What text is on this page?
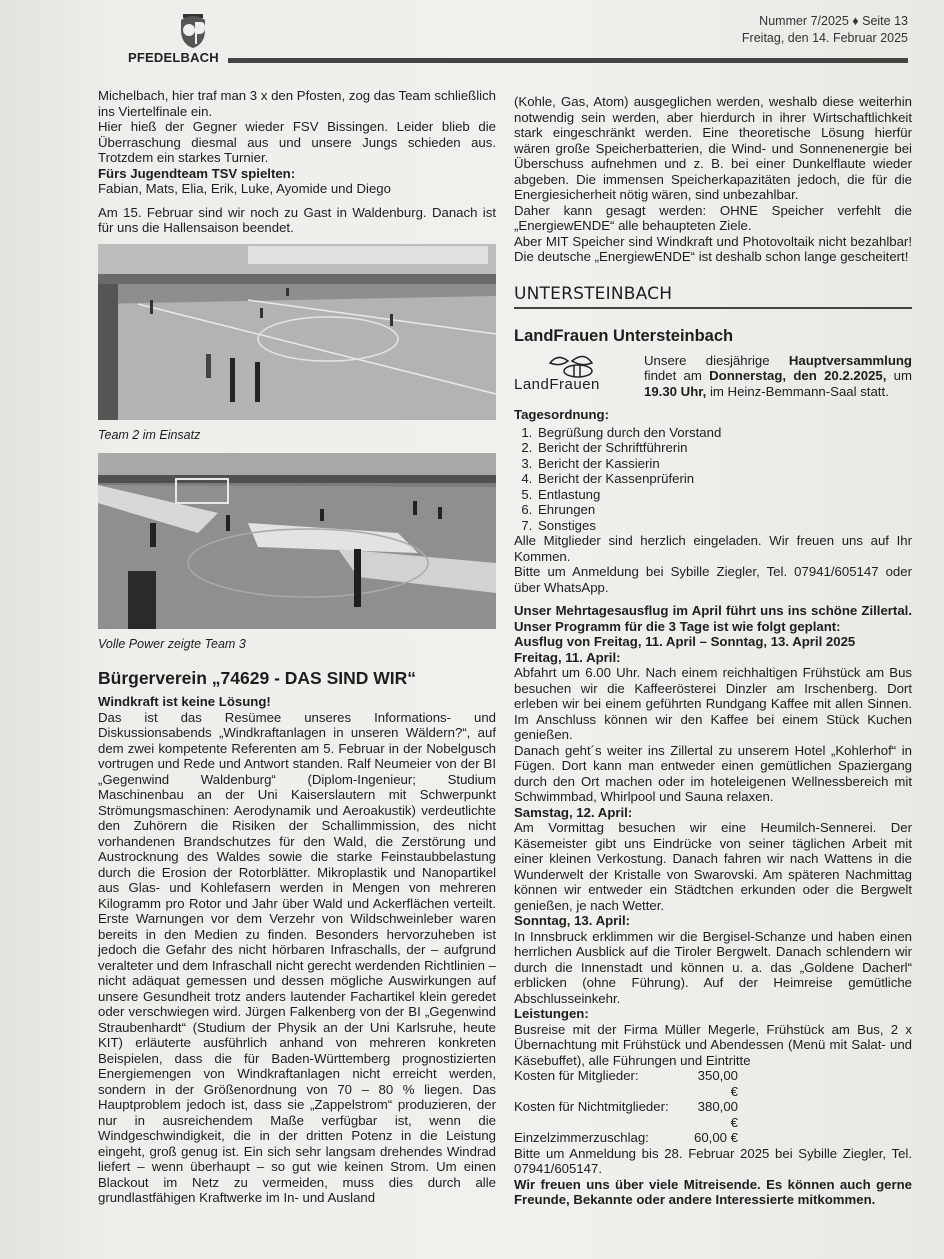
PFEDELBACH
Nummer 7/2025 ♦ Seite 13
Freitag, den 14. Februar 2025

Michelbach, hier traf man 3 x den Pfosten, zog das Team schließlich ins Viertelfinale ein.

Hier hieß der Gegner wieder FSV Bissingen. Leider blieb die Überraschung diesmal aus und unsere Jungs schieden aus. Trotzdem ein starkes Turnier.

Fürs Jugendteam TSV spielten:

Fabian, Mats, Elia, Erik, Luke, Ayomide und Diego

Am 15. Februar sind wir noch zu Gast in Waldenburg. Danach ist für uns die Hallensaison beendet.

Team 2 im Einsatz

Volle Power zeigte Team 3

Bürgerverein „74629 - DAS SIND WIR“

Windkraft ist keine Lösung!

Das ist das Resümee unseres Informations- und Diskussionsabends „Windkraftanlagen in unseren Wäldern?“, auf dem zwei kompetente Referenten am 5. Februar in der Nobelgusch vortrugen und Rede und Antwort standen. Ralf Neumeier von der BI „Gegenwind Waldenburg“ (Diplom-Ingenieur; Studium Maschinenbau an der Uni Kaiserslautern mit Schwerpunkt Strömungsmaschinen: Aerodynamik und Aeroakustik) verdeutlichte den Zuhörern die Risiken der Schallimmission, des nicht vorhandenen Brandschutzes für den Wald, die Zerstörung und Austrocknung des Waldes sowie die starke Feinstaubbelastung durch die Erosion der Rotorblätter. Mikroplastik und Nanopartikel aus Glas- und Kohlefasern werden in Mengen von mehreren Kilogramm pro Rotor und Jahr über Wald und Ackerflächen verteilt. Erste Warnungen vor dem Verzehr von Wildschweinleber waren bereits in den Medien zu finden. Besonders hervorzuheben ist jedoch die Gefahr des nicht hörbaren Infraschalls, der – aufgrund veralteter und dem Infraschall nicht gerecht werdenden Richtlinien – nicht adäquat gemessen und dessen mögliche Auswirkungen auf unsere Gesundheit trotz anders lautender Fachartikel klein geredet oder verschwiegen wird. Jürgen Falkenberg von der BI „Gegenwind Straubenhardt“ (Studium der Physik an der Uni Karlsruhe, heute KIT) erläuterte ausführlich anhand von mehreren konkreten Beispielen, dass die für Baden-Württemberg prognostizierten Energiemengen von Windkraftanlagen nicht erreicht werden, sondern in der Größenordnung von 70 – 80 % liegen. Das Hauptproblem jedoch ist, dass sie „Zappelstrom“ produzieren, der nur in ausreichendem Maße verfügbar ist, wenn die Windgeschwindigkeit, die in der dritten Potenz in die Leistung eingeht, groß genug ist. Ein sich sehr langsam drehendes Windrad liefert – wenn überhaupt – so gut wie keinen Strom. Um einen Blackout im Netz zu vermeiden, muss dies durch alle grundlastfähigen Kraftwerke im In- und Ausland

(Kohle, Gas, Atom) ausgeglichen werden, weshalb diese weiterhin notwendig sein werden, aber hierdurch in ihrer Wirtschaftlichkeit stark eingeschränkt werden. Eine theoretische Lösung hierfür wären große Speicherbatterien, die Wind- und Sonnenenergie bei Überschuss aufnehmen und z. B. bei einer Dunkelflaute wieder abgeben. Die immensen Speicherkapazitäten jedoch, die für die Energiesicherheit nötig wären, sind unbezahlbar.

Daher kann gesagt werden: OHNE Speicher verfehlt die „EnergiewENDE“ alle behaupteten Ziele.

Aber MIT Speicher sind Windkraft und Photovoltaik nicht bezahlbar! Die deutsche „EnergiewENDE“ ist deshalb schon lange gescheitert!

UNTERSTEINBACH
LandFrauen Untersteinbach
LandFrauen

Unsere diesjährige Hauptversammlung findet am Donnerstag, den 20.2.2025, um 19.30 Uhr, im Heinz-Bemmann-Saal statt.

Tagesordnung:

1. Begrüßung durch den Vorstand
2. Bericht der Schriftführerin
3. Bericht der Kassierin
4. Bericht der Kassenprüferin
5. Entlastung
6. Ehrungen
7. Sonstiges

Alle Mitglieder sind herzlich eingeladen. Wir freuen uns auf Ihr Kommen.

Bitte um Anmeldung bei Sybille Ziegler, Tel. 07941/605147 oder über WhatsApp.

Unser Mehrtagesausflug im April führt uns ins schöne Zillertal. Unser Programm für die 3 Tage ist wie folgt geplant:

Ausflug von Freitag, 11. April – Sonntag, 13. April 2025

Freitag, 11. April:

Abfahrt um 6.00 Uhr. Nach einem reichhaltigen Frühstück am Bus besuchen wir die Kaffeerösterei Dinzler am Irschenberg. Dort erleben wir bei einem geführten Rundgang Kaffee mit allen Sinnen. Im Anschluss können wir den Kaffee bei einem Stück Kuchen genießen.

Danach geht´s weiter ins Zillertal zu unserem Hotel „Kohlerhof“ in Fügen. Dort kann man entweder einen gemütlichen Spaziergang durch den Ort machen oder im hoteleigenen Wellnessbereich mit Schwimmbad, Whirlpool und Sauna relaxen.

Samstag, 12. April:

Am Vormittag besuchen wir eine Heumilch-Sennerei. Der Käsemeister gibt uns Eindrücke von seiner täglichen Arbeit mit einer kleinen Verkostung. Danach fahren wir nach Wattens in die Wunderwelt der Kristalle von Swarovski. Am späteren Nachmittag können wir entweder ein Städtchen erkunden oder die Bergwelt genießen, je nach Wetter.

Sonntag, 13. April:

In Innsbruck erklimmen wir die Bergisel-Schanze und haben einen herrlichen Ausblick auf die Tiroler Bergwelt. Danach schlendern wir durch die Innenstadt und können u. a. das „Goldene Dacherl“ erblicken (ohne Führung). Auf der Heimreise gemütliche Abschlusseinkehr.

Leistungen:

Busreise mit der Firma Müller Megerle, Frühstück am Bus, 2 x Übernachtung mit Frühstück und Abendessen (Menü mit Salat- und Käsebuffet), alle Führungen und Eintritte

Kosten für Mitglieder:	350,00 €
Kosten für Nichtmitglieder:	380,00 €
Einzelzimmerzuschlag:	60,00 €

Bitte um Anmeldung bis 28. Februar 2025 bei Sybille Ziegler, Tel. 07941/605147.

Wir freuen uns über viele Mitreisende. Es können auch gerne Freunde, Bekannte oder andere Interessierte mitkommen.
